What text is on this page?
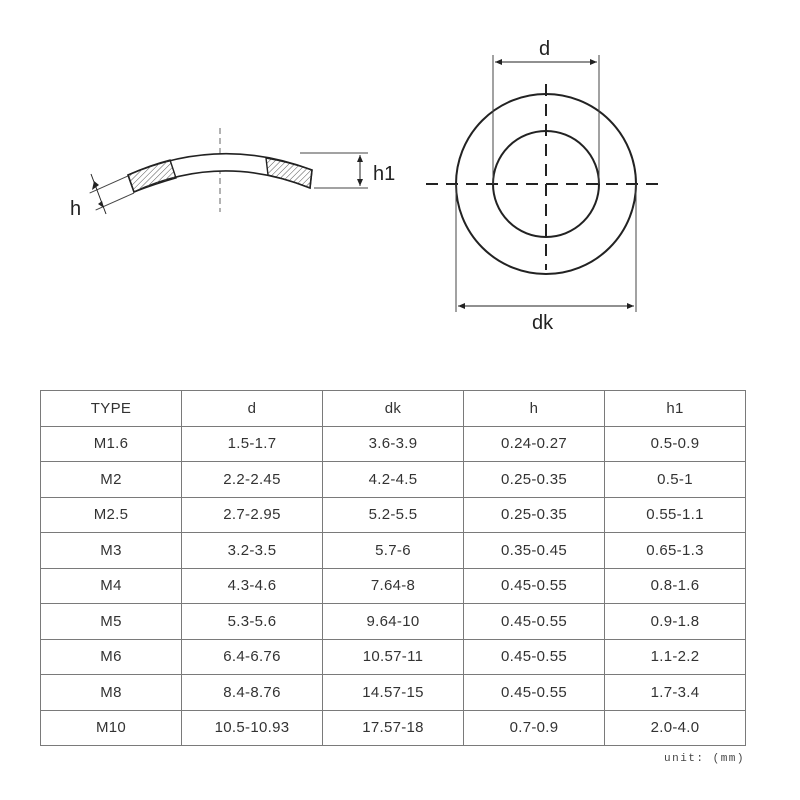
h1
h
d
dk
TYPE	d	dk	h	h1
M1.6	1.5-1.7	3.6-3.9	0.24-0.27	0.5-0.9
M2	2.2-2.45	4.2-4.5	0.25-0.35	0.5-1
M2.5	2.7-2.95	5.2-5.5	0.25-0.35	0.55-1.1
M3	3.2-3.5	5.7-6	0.35-0.45	0.65-1.3
M4	4.3-4.6	7.64-8	0.45-0.55	0.8-1.6
M5	5.3-5.6	9.64-10	0.45-0.55	0.9-1.8
M6	6.4-6.76	10.57-11	0.45-0.55	1.1-2.2
M8	8.4-8.76	14.57-15	0.45-0.55	1.7-3.4
M10	10.5-10.93	17.57-18	0.7-0.9	2.0-4.0
unit: (mm)
